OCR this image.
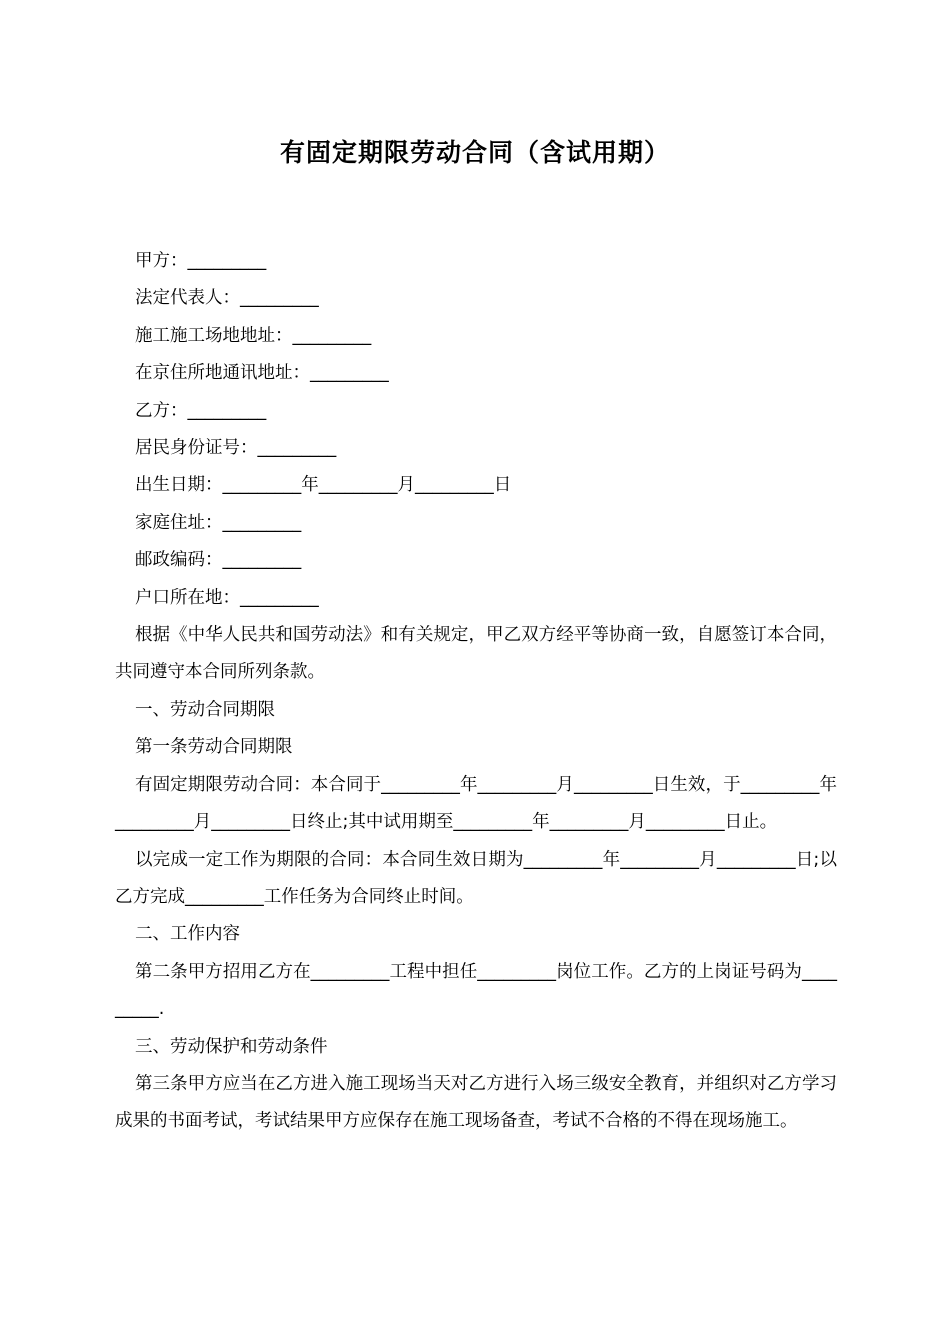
有固定期限劳动合同（含试用期）

甲方：_________

法定代表人：_________

施工施工场地地址：_________

在京住所地通讯地址：_________

乙方：_________

居民身份证号：_________

出生日期：_________年_________月_________日

家庭住址：_________

邮政编码：_________

户口所在地：_________

根据《中华人民共和国劳动法》和有关规定，甲乙双方经平等协商一致，自愿签订本合同，共同遵守本合同所列条款。

一、劳动合同期限

第一条劳动合同期限

有固定期限劳动合同：本合同于_________年_________月_________日生效，于_________年_________月_________日终止;其中试用期至_________年_________月_________日止。

以完成一定工作为期限的合同：本合同生效日期为_________年_________月_________日;以乙方完成_________工作任务为合同终止时间。

二、工作内容

第二条甲方招用乙方在_________工程中担任_________岗位工作。乙方的上岗证号码为_________.

三、劳动保护和劳动条件

第三条甲方应当在乙方进入施工现场当天对乙方进行入场三级安全教育，并组织对乙方学习成果的书面考试，考试结果甲方应保存在施工现场备查，考试不合格的不得在现场施工。
